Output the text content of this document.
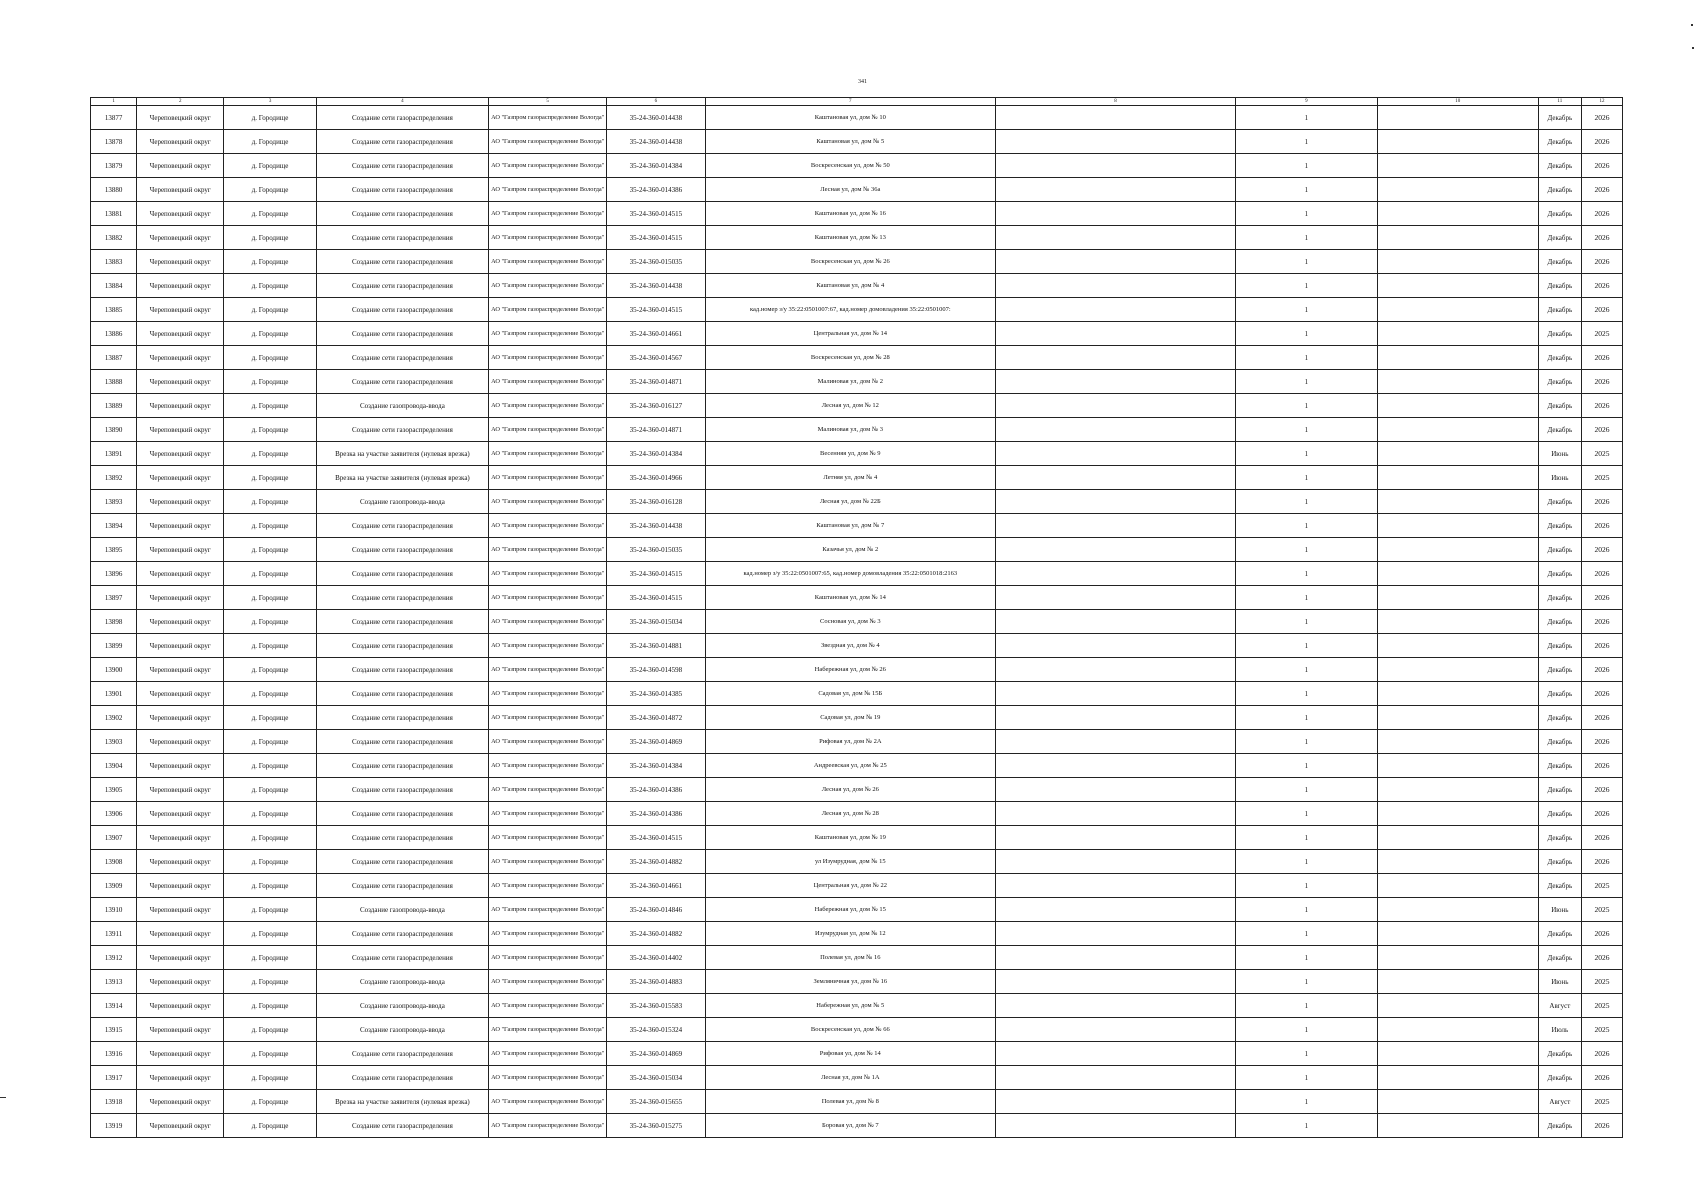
341
1	2	3	4	5	6	7	8	9	10	11	12
13877	Череповецкий округ	д. Городище	Создание сети газораспределения	АО "Газпром газораспределение Вологда"	35-24-360-014438	Каштановая ул, дом № 10		1		Декабрь	2026
13878	Череповецкий округ	д. Городище	Создание сети газораспределения	АО "Газпром газораспределение Вологда"	35-24-360-014438	Каштановая ул, дом № 5		1		Декабрь	2026
13879	Череповецкий округ	д. Городище	Создание сети газораспределения	АО "Газпром газораспределение Вологда"	35-24-360-014384	Воскресенская ул, дом № 50		1		Декабрь	2026
13880	Череповецкий округ	д. Городище	Создание сети газораспределения	АО "Газпром газораспределение Вологда"	35-24-360-014386	Лесная ул, дом № 36а		1		Декабрь	2026
13881	Череповецкий округ	д. Городище	Создание сети газораспределения	АО "Газпром газораспределение Вологда"	35-24-360-014515	Каштановая ул, дом № 16		1		Декабрь	2026
13882	Череповецкий округ	д. Городище	Создание сети газораспределения	АО "Газпром газораспределение Вологда"	35-24-360-014515	Каштановая ул, дом № 13		1		Декабрь	2026
13883	Череповецкий округ	д. Городище	Создание сети газораспределения	АО "Газпром газораспределение Вологда"	35-24-360-015035	Воскресенская ул, дом № 26		1		Декабрь	2026
13884	Череповецкий округ	д. Городище	Создание сети газораспределения	АО "Газпром газораспределение Вологда"	35-24-360-014438	Каштановая ул, дом № 4		1		Декабрь	2026
13885	Череповецкий округ	д. Городище	Создание сети газораспределения	АО "Газпром газораспределение Вологда"	35-24-360-014515	кад.номер з/у 35:22:0501007:67, кад.номер домовладения 35:22:0501007:		1		Декабрь	2026
13886	Череповецкий округ	д. Городище	Создание сети газораспределения	АО "Газпром газораспределение Вологда"	35-24-360-014661	Центральная ул, дом № 14		1		Декабрь	2025
13887	Череповецкий округ	д. Городище	Создание сети газораспределения	АО "Газпром газораспределение Вологда"	35-24-360-014567	Воскресенская ул, дом № 28		1		Декабрь	2026
13888	Череповецкий округ	д. Городище	Создание сети газораспределения	АО "Газпром газораспределение Вологда"	35-24-360-014871	Малиновая ул, дом № 2		1		Декабрь	2026
13889	Череповецкий округ	д. Городище	Создание газопровода-ввода	АО "Газпром газораспределение Вологда"	35-24-360-016127	Лесная ул, дом № 12		1		Декабрь	2026
13890	Череповецкий округ	д. Городище	Создание сети газораспределения	АО "Газпром газораспределение Вологда"	35-24-360-014871	Малиновая ул, дом № 3		1		Декабрь	2026
13891	Череповецкий округ	д. Городище	Врезка на участке заявителя (нулевая врезка)	АО "Газпром газораспределение Вологда"	35-24-360-014384	Весенняя ул, дом № 9		1		Июнь	2025
13892	Череповецкий округ	д. Городище	Врезка на участке заявителя (нулевая врезка)	АО "Газпром газораспределение Вологда"	35-24-360-014966	Летняя ул, дом № 4		1		Июнь	2025
13893	Череповецкий округ	д. Городище	Создание газопровода-ввода	АО "Газпром газораспределение Вологда"	35-24-360-016128	Лесная ул, дом № 22Б		1		Декабрь	2026
13894	Череповецкий округ	д. Городище	Создание сети газораспределения	АО "Газпром газораспределение Вологда"	35-24-360-014438	Каштановая ул, дом № 7		1		Декабрь	2026
13895	Череповецкий округ	д. Городище	Создание сети газораспределения	АО "Газпром газораспределение Вологда"	35-24-360-015035	Казачья ул, дом № 2		1		Декабрь	2026
13896	Череповецкий округ	д. Городище	Создание сети газораспределения	АО "Газпром газораспределение Вологда"	35-24-360-014515	кад.номер з/у 35:22:0501007:65, кад.номер домовладения 35:22:0501018:2163		1		Декабрь	2026
13897	Череповецкий округ	д. Городище	Создание сети газораспределения	АО "Газпром газораспределение Вологда"	35-24-360-014515	Каштановая ул, дом № 14		1		Декабрь	2026
13898	Череповецкий округ	д. Городище	Создание сети газораспределения	АО "Газпром газораспределение Вологда"	35-24-360-015034	Сосновая ул, дом № 3		1		Декабрь	2026
13899	Череповецкий округ	д. Городище	Создание сети газораспределения	АО "Газпром газораспределение Вологда"	35-24-360-014881	Звездная ул, дом № 4		1		Декабрь	2026
13900	Череповецкий округ	д. Городище	Создание сети газораспределения	АО "Газпром газораспределение Вологда"	35-24-360-014598	Набережная ул, дом № 26		1		Декабрь	2026
13901	Череповецкий округ	д. Городище	Создание сети газораспределения	АО "Газпром газораспределение Вологда"	35-24-360-014385	Садовая ул, дом № 15Б		1		Декабрь	2026
13902	Череповецкий округ	д. Городище	Создание сети газораспределения	АО "Газпром газораспределение Вологда"	35-24-360-014872	Садовая ул, дом № 19		1		Декабрь	2026
13903	Череповецкий округ	д. Городище	Создание сети газораспределения	АО "Газпром газораспределение Вологда"	35-24-360-014869	Рифовая ул, дом № 2А		1		Декабрь	2026
13904	Череповецкий округ	д. Городище	Создание сети газораспределения	АО "Газпром газораспределение Вологда"	35-24-360-014384	Андреевская ул, дом № 25		1		Декабрь	2026
13905	Череповецкий округ	д. Городище	Создание сети газораспределения	АО "Газпром газораспределение Вологда"	35-24-360-014386	Лесная ул, дом № 26		1		Декабрь	2026
13906	Череповецкий округ	д. Городище	Создание сети газораспределения	АО "Газпром газораспределение Вологда"	35-24-360-014386	Лесная ул, дом № 28		1		Декабрь	2026
13907	Череповецкий округ	д. Городище	Создание сети газораспределения	АО "Газпром газораспределение Вологда"	35-24-360-014515	Каштановая ул, дом № 19		1		Декабрь	2026
13908	Череповецкий округ	д. Городище	Создание сети газораспределения	АО "Газпром газораспределение Вологда"	35-24-360-014882	ул Изумрудная, дом № 15		1		Декабрь	2026
13909	Череповецкий округ	д. Городище	Создание сети газораспределения	АО "Газпром газораспределение Вологда"	35-24-360-014661	Центральная ул, дом № 22		1		Декабрь	2025
13910	Череповецкий округ	д. Городище	Создание газопровода-ввода	АО "Газпром газораспределение Вологда"	35-24-360-014846	Набережная ул, дом № 15		1		Июнь	2025
13911	Череповецкий округ	д. Городище	Создание сети газораспределения	АО "Газпром газораспределение Вологда"	35-24-360-014882	Изумрудная ул, дом № 12		1		Декабрь	2026
13912	Череповецкий округ	д. Городище	Создание сети газораспределения	АО "Газпром газораспределение Вологда"	35-24-360-014402	Полевая ул, дом № 16		1		Декабрь	2026
13913	Череповецкий округ	д. Городище	Создание газопровода-ввода	АО "Газпром газораспределение Вологда"	35-24-360-014883	Земляничная ул, дом № 16		1		Июнь	2025
13914	Череповецкий округ	д. Городище	Создание газопровода-ввода	АО "Газпром газораспределение Вологда"	35-24-360-015583	Набережная ул, дом № 5		1		Август	2025
13915	Череповецкий округ	д. Городище	Создание газопровода-ввода	АО "Газпром газораспределение Вологда"	35-24-360-015324	Воскресенская ул, дом № 66		1		Июль	2025
13916	Череповецкий округ	д. Городище	Создание сети газораспределения	АО "Газпром газораспределение Вологда"	35-24-360-014869	Рифовая ул, дом № 14		1		Декабрь	2026
13917	Череповецкий округ	д. Городище	Создание сети газораспределения	АО "Газпром газораспределение Вологда"	35-24-360-015034	Лесная ул, дом № 1А		1		Декабрь	2026
13918	Череповецкий округ	д. Городище	Врезка на участке заявителя (нулевая врезка)	АО "Газпром газораспределение Вологда"	35-24-360-015655	Полевая ул, дом № 8		1		Август	2025
13919	Череповецкий округ	д. Городище	Создание сети газораспределения	АО "Газпром газораспределение Вологда"	35-24-360-015275	Боровая ул, дом № 7		1		Декабрь	2026
